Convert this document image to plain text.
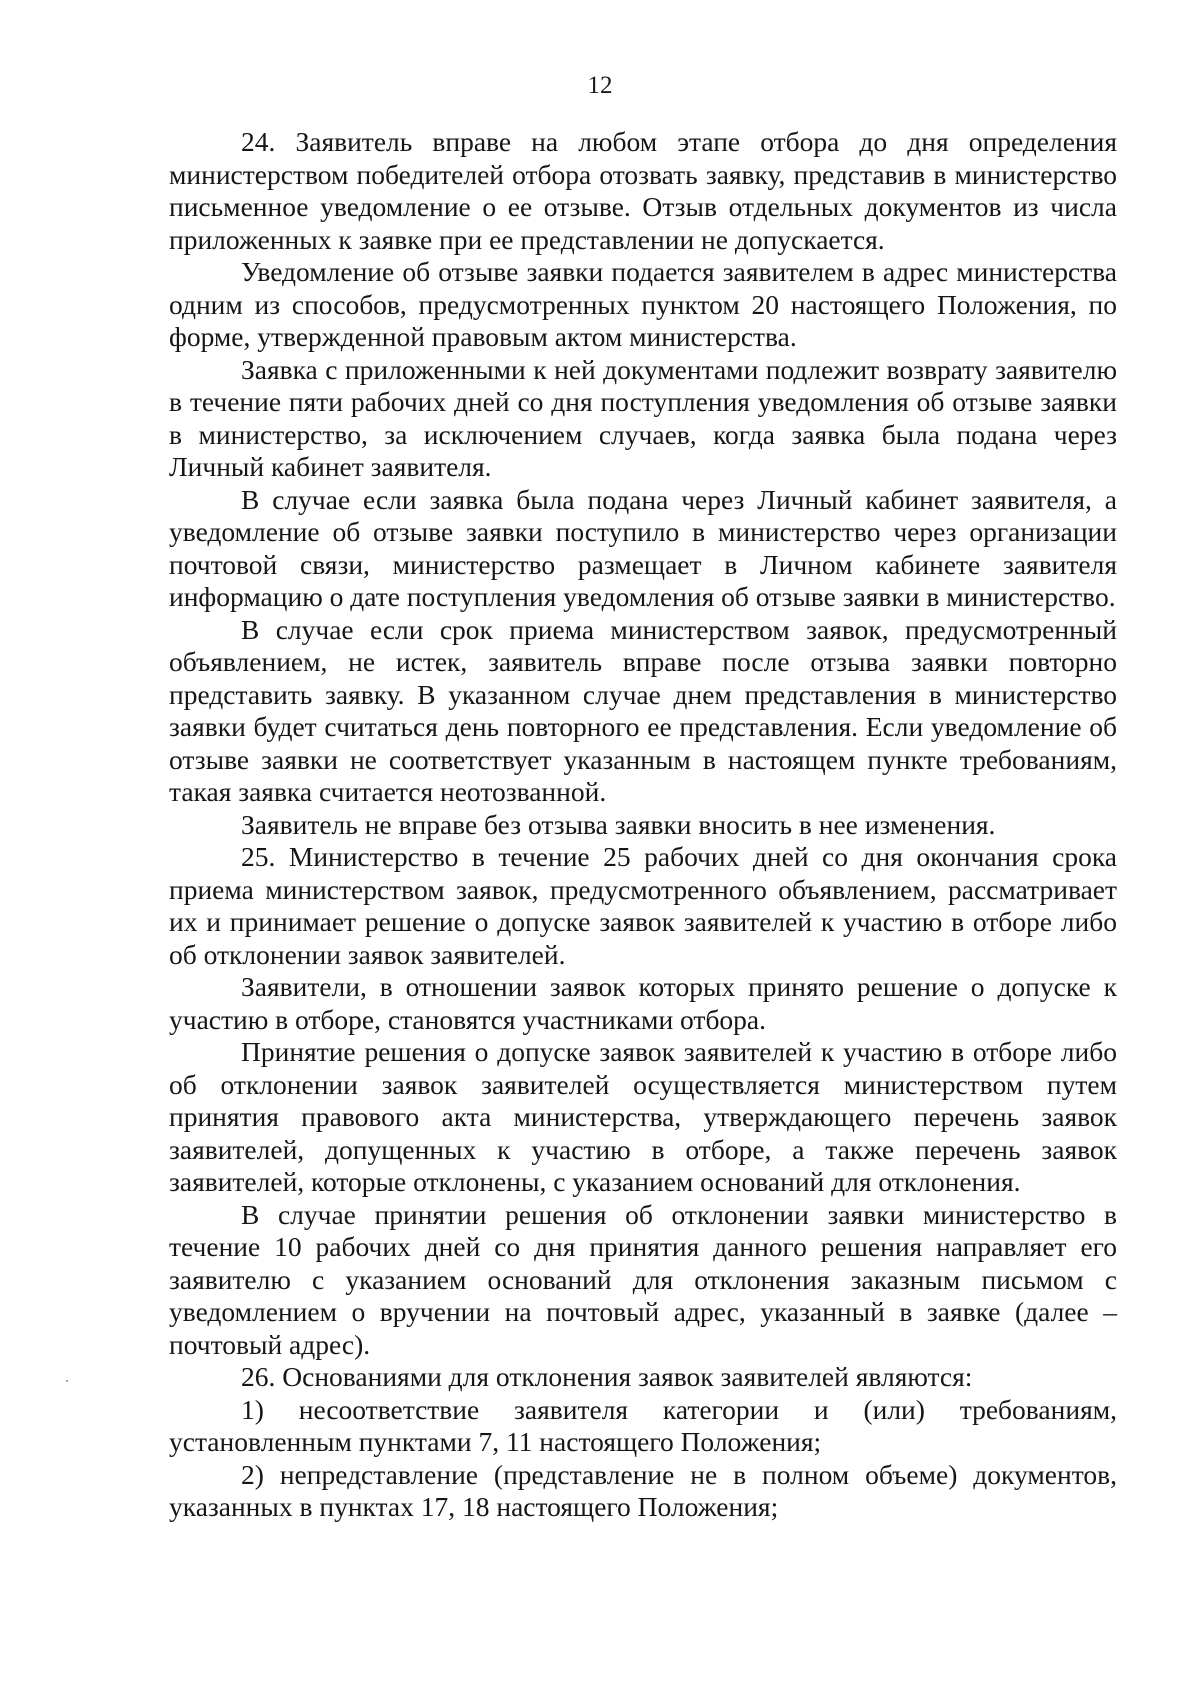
12

24. Заявитель вправе на любом этапе отбора до дня определения министерством победителей отбора отозвать заявку, представив в министерство письменное уведомление о ее отзыве. Отзыв отдельных документов из числа приложенных к заявке при ее представлении не допускается.

Уведомление об отзыве заявки подается заявителем в адрес министерства одним из способов, предусмотренных пунктом 20 настоящего Положения, по форме, утвержденной правовым актом министерства.

Заявка с приложенными к ней документами подлежит возврату заявителю в течение пяти рабочих дней со дня поступления уведомления об отзыве заявки в министерство, за исключением случаев, когда заявка была подана через Личный кабинет заявителя.

В случае если заявка была подана через Личный кабинет заявителя, а уведомление об отзыве заявки поступило в министерство через организации почтовой связи, министерство размещает в Личном кабинете заявителя информацию о дате поступления уведомления об отзыве заявки в министерство.

В случае если срок приема министерством заявок, предусмотренный объявлением, не истек, заявитель вправе после отзыва заявки повторно представить заявку. В указанном случае днем представления в министерство заявки будет считаться день повторного ее представления. Если уведомление об отзыве заявки не соответствует указанным в настоящем пункте требованиям, такая заявка считается неотозванной.

Заявитель не вправе без отзыва заявки вносить в нее изменения.

25. Министерство в течение 25 рабочих дней со дня окончания срока приема министерством заявок, предусмотренного объявлением, рассматривает их и принимает решение о допуске заявок заявителей к участию в отборе либо об отклонении заявок заявителей.

Заявители, в отношении заявок которых принято решение о допуске к участию в отборе, становятся участниками отбора.

Принятие решения о допуске заявок заявителей к участию в отборе либо об отклонении заявок заявителей осуществляется министерством путем принятия правового акта министерства, утверждающего перечень заявок заявителей, допущенных к участию в отборе, а также перечень заявок заявителей, которые отклонены, с указанием оснований для отклонения.

В случае принятии решения об отклонении заявки министерство в течение 10 рабочих дней со дня принятия данного решения направляет его заявителю с указанием оснований для отклонения заказным письмом с уведомлением о вручении на почтовый адрес, указанный в заявке (далее – почтовый адрес).

26. Основаниями для отклонения заявок заявителей являются:

1) несоответствие заявителя категории и (или) требованиям, установленным пунктами 7, 11 настоящего Положения;

2) непредставление (представление не в полном объеме) документов, указанных в пунктах 17, 18 настоящего Положения;
